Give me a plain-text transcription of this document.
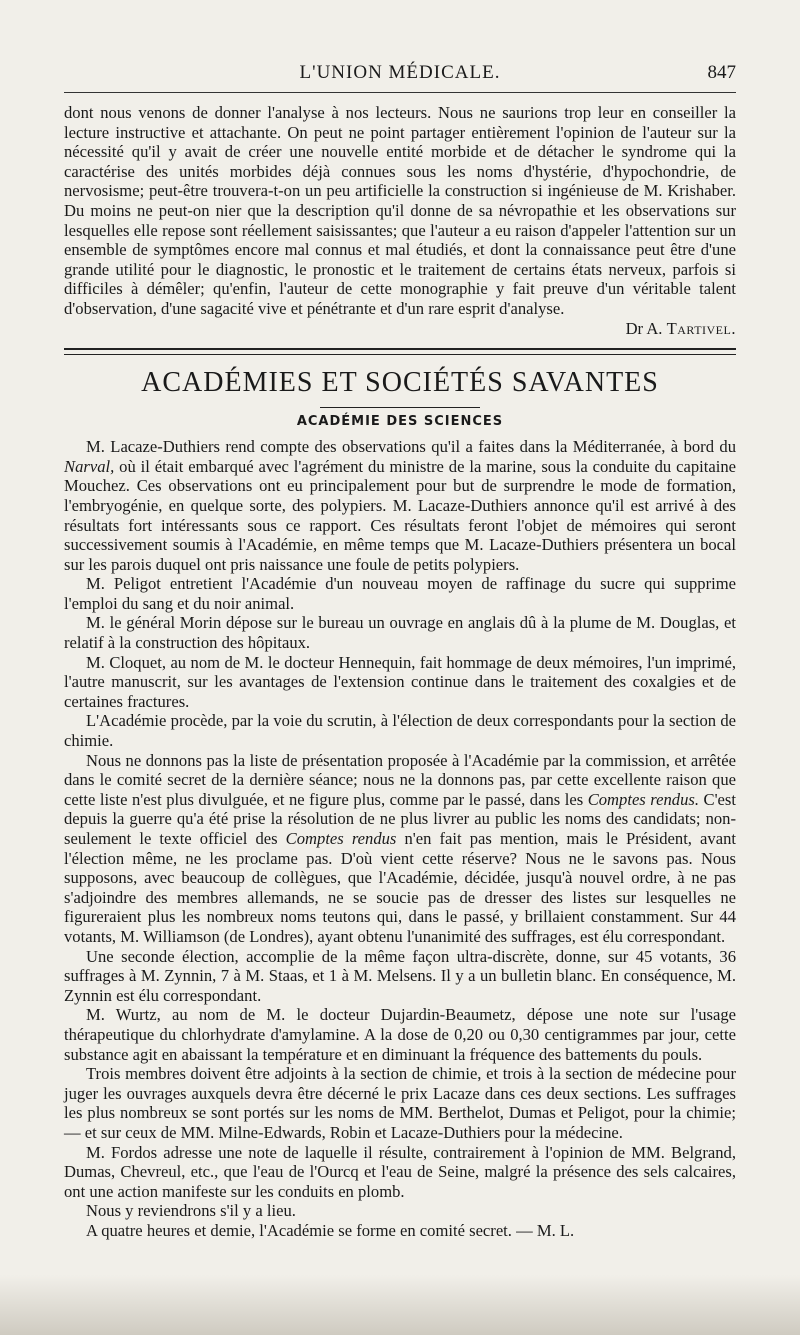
L'UNION MÉDICALE.	847

dont nous venons de donner l'analyse à nos lecteurs. Nous ne saurions trop leur en conseiller la lecture instructive et attachante. On peut ne point partager entièrement l'opinion de l'auteur sur la nécessité qu'il y avait de créer une nouvelle entité morbide et de détacher le syndrome qui la caractérise des unités morbides déjà connues sous les noms d'hystérie, d'hypochondrie, de nervosisme; peut-être trouvera-t-on un peu artificielle la construction si ingénieuse de M. Krishaber. Du moins ne peut-on nier que la description qu'il donne de sa névropathie et les observations sur lesquelles elle repose sont réellement saisissantes; que l'auteur a eu raison d'appeler l'attention sur un ensemble de symptômes encore mal connus et mal étudiés, et dont la connaissance peut être d'une grande utilité pour le diagnostic, le pronostic et le traitement de certains états nerveux, parfois si difficiles à démêler; qu'enfin, l'auteur de cette monographie y fait preuve d'un véritable talent d'observation, d'une sagacité vive et pénétrante et d'un rare esprit d'analyse.

Dr A. Tartivel.
ACADÉMIES ET SOCIÉTÉS SAVANTES
ACADÉMIE DES SCIENCES

M. Lacaze-Duthiers rend compte des observations qu'il a faites dans la Méditerranée, à bord du Narval, où il était embarqué avec l'agrément du ministre de la marine, sous la conduite du capitaine Mouchez. Ces observations ont eu principalement pour but de surprendre le mode de formation, l'embryogénie, en quelque sorte, des polypiers. M. Lacaze-Duthiers annonce qu'il est arrivé à des résultats fort intéressants sous ce rapport. Ces résultats feront l'objet de mémoires qui seront successivement soumis à l'Académie, en même temps que M. Lacaze-Duthiers présentera un bocal sur les parois duquel ont pris naissance une foule de petits polypiers.

M. Peligot entretient l'Académie d'un nouveau moyen de raffinage du sucre qui supprime l'emploi du sang et du noir animal.

M. le général Morin dépose sur le bureau un ouvrage en anglais dû à la plume de M. Douglas, et relatif à la construction des hôpitaux.

M. Cloquet, au nom de M. le docteur Hennequin, fait hommage de deux mémoires, l'un imprimé, l'autre manuscrit, sur les avantages de l'extension continue dans le traitement des coxalgies et de certaines fractures.

L'Académie procède, par la voie du scrutin, à l'élection de deux correspondants pour la section de chimie.

Nous ne donnons pas la liste de présentation proposée à l'Académie par la commission, et arrêtée dans le comité secret de la dernière séance; nous ne la donnons pas, par cette excellente raison que cette liste n'est plus divulguée, et ne figure plus, comme par le passé, dans les Comptes rendus. C'est depuis la guerre qu'a été prise la résolution de ne plus livrer au public les noms des candidats; non-seulement le texte officiel des Comptes rendus n'en fait pas mention, mais le Président, avant l'élection même, ne les proclame pas. D'où vient cette réserve? Nous ne le savons pas. Nous supposons, avec beaucoup de collègues, que l'Académie, décidée, jusqu'à nouvel ordre, à ne pas s'adjoindre des membres allemands, ne se soucie pas de dresser des listes sur lesquelles ne figureraient plus les nombreux noms teutons qui, dans le passé, y brillaient constamment. Sur 44 votants, M. Williamson (de Londres), ayant obtenu l'unanimité des suffrages, est élu correspondant.

Une seconde élection, accomplie de la même façon ultra-discrète, donne, sur 45 votants, 36 suffrages à M. Zynnin, 7 à M. Staas, et 1 à M. Melsens. Il y a un bulletin blanc. En conséquence, M. Zynnin est élu correspondant.

M. Wurtz, au nom de M. le docteur Dujardin-Beaumetz, dépose une note sur l'usage thérapeutique du chlorhydrate d'amylamine. A la dose de 0,20 ou 0,30 centigrammes par jour, cette substance agit en abaissant la température et en diminuant la fréquence des battements du pouls.

Trois membres doivent être adjoints à la section de chimie, et trois à la section de médecine pour juger les ouvrages auxquels devra être décerné le prix Lacaze dans ces deux sections. Les suffrages les plus nombreux se sont portés sur les noms de MM. Berthelot, Dumas et Peligot, pour la chimie; — et sur ceux de MM. Milne-Edwards, Robin et Lacaze-Duthiers pour la médecine.

M. Fordos adresse une note de laquelle il résulte, contrairement à l'opinion de MM. Belgrand, Dumas, Chevreul, etc., que l'eau de l'Ourcq et l'eau de Seine, malgré la présence des sels calcaires, ont une action manifeste sur les conduits en plomb.

Nous y reviendrons s'il y a lieu.

A quatre heures et demie, l'Académie se forme en comité secret. — M. L.
